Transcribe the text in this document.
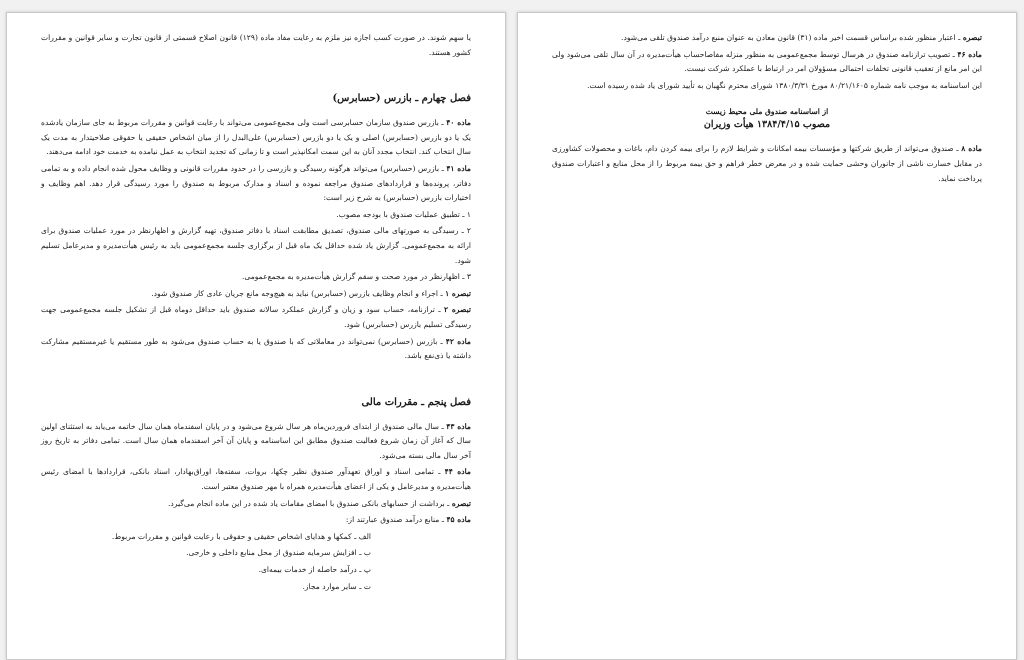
یا سهم شوند. در صورت کسب اجازه نیز ملزم به رعایت مفاد ماده (۱۲۹) قانون اصلاح قسمتی از قانون تجارت و سایر قوانین و مقررات کشور هستند.

فصل چهارم ـ بازرس (حسابرس)

ماده ۴۰ ـ بازرس صندوق سازمان حسابرسی است ولی مجمع‌عمومی می‌تواند با رعایت قوانین و مقررات مربوط به جای سازمان یادشده یک یا دو بازرس (حسابرس) اصلی و یک یا دو بازرس (حسابرس) علی‌البدل را از میان اشخاص حقیقی یا حقوقی صلاحیتدار به مدت یک سال انتخاب کند. انتخاب مجدد آنان به این سمت امکانپذیر است و تا زمانی که تجدید انتخاب به عمل نیامده به خدمت خود ادامه می‌دهند.

ماده ۴۱ ـ بازرس (حسابرس) می‌تواند هرگونه رسیدگی و بازرسی را در حدود مقررات قانونی و وظایف محول شده انجام داده و به تمامی دفاتر، پرونده‌ها و قراردادهای صندوق مراجعه نموده و اسناد و مدارک مربوط به صندوق را مورد رسیدگی قرار دهد. اهم وظایف و اختیارات بازرس (حسابرس) به شرح زیر است:

۱ ـ تطبیق عملیات صندوق با بودجه مصوب.

۲ ـ رسیدگی به صورتهای مالی صندوق، تصدیق مطابقت اسناد با دفاتر صندوق، تهیه گزارش و اظهارنظر در مورد عملیات صندوق برای ارائه به مجمع‌عمومی. گزارش یاد شده حداقل یک ماه قبل از برگزاری جلسه مجمع‌عمومی باید به رئیس هیأت‌مدیره و مدیرعامل تسلیم شود.

۳ ـ اظهارنظر در مورد صحت و سقم گزارش هیأت‌مدیره به مجمع‌عمومی.

تبصره ۱ ـ اجراء و انجام وظایف بازرس (حسابرس) نباید به هیچ‌وجه مانع جریان عادی کار صندوق شود.

تبصره ۲ ـ ترازنامه، حساب سود و زیان و گزارش عملکرد سالانه صندوق باید حداقل دوماه قبل از تشکیل جلسه مجمع‌عمومی جهت رسیدگی تسلیم بازرس (حسابرس) شود.

ماده ۴۲ ـ بازرس (حسابرس) نمی‌تواند در معاملاتی که با صندوق یا به حساب صندوق می‌شود به طور مستقیم یا غیرمستقیم مشارکت داشته یا ذی‌نفع باشد.

فصل پنجم ـ مقررات مالی

ماده ۴۳ ـ سال مالی صندوق از ابتدای فروردین‌ماه هر سال شروع می‌شود و در پایان اسفندماه همان سال خاتمه می‌یابد به استثنای اولین سال که آغاز آن زمان شروع فعالیت صندوق مطابق این اساسنامه و پایان آن آخر اسفندماه همان سال است. تمامی دفاتر به تاریخ روز آخر سال مالی بسته می‌شود.

ماده ۴۴ ـ تمامی اسناد و اوراق تعهدآور صندوق نظیر چکها، بروات، سفته‌ها، اوراق‌بهادار، اسناد بانکی، قراردادها با امضای رئیس هیأت‌مدیره و مدیرعامل و یکی از اعضای هیأت‌مدیره همراه با مهر صندوق معتبر است.

تبصره ـ برداشت از حسابهای بانکی صندوق با امضای مقامات یاد شده در این ماده انجام می‌گیرد.

ماده ۴۵ ـ منابع درآمد صندوق عبارتند از:

الف ـ کمکها و هدایای اشخاص حقیقی و حقوقی با رعایت قوانین و مقررات مربوط.

ب ـ افزایش سرمایه صندوق از محل منابع داخلی و خارجی.

پ ـ درآمد حاصله از خدمات بیمه‌ای.

ت ـ سایر موارد مجاز.

تبصره ـ اعتبار منظور شده براساس قسمت اخیر ماده (۳۱) قانون معادن به عنوان منبع درآمد صندوق تلقی می‌شود.

ماده ۴۶ ـ تصویب ترازنامه صندوق در هرسال توسط مجمع‌عمومی به منظور منزله مفاصاحساب هیأت‌مدیره در آن سال تلقی می‌شود ولی این امر مانع از تعقیب قانونی تخلفات احتمالی مسؤولان امر در ارتباط با عملکرد شرکت نیست.

این اساسنامه به موجب نامه شماره ۸۰/۲۱/۱۶۰۵ مورخ ۱۳۸۰/۳/۳۱ شورای محترم نگهبان به تأیید شورای یاد شده رسیده است.

از اساسنامه صندوق ملی محیط زیست

مصوب ۱۳۸۴/۴/۱۵ هیأت وزیران

ماده ۸ ـ صندوق می‌تواند از طریق شرکتها و مؤسسات بیمه امکانات و شرایط لازم را برای بیمه کردن دام، باغات و محصولات کشاورزی در مقابل خسارت ناشی از جانوران وحشی حمایت شده و در معرض خطر فراهم و حق بیمه مربوط را از محل منابع و اعتبارات صندوق پرداخت نماید.
